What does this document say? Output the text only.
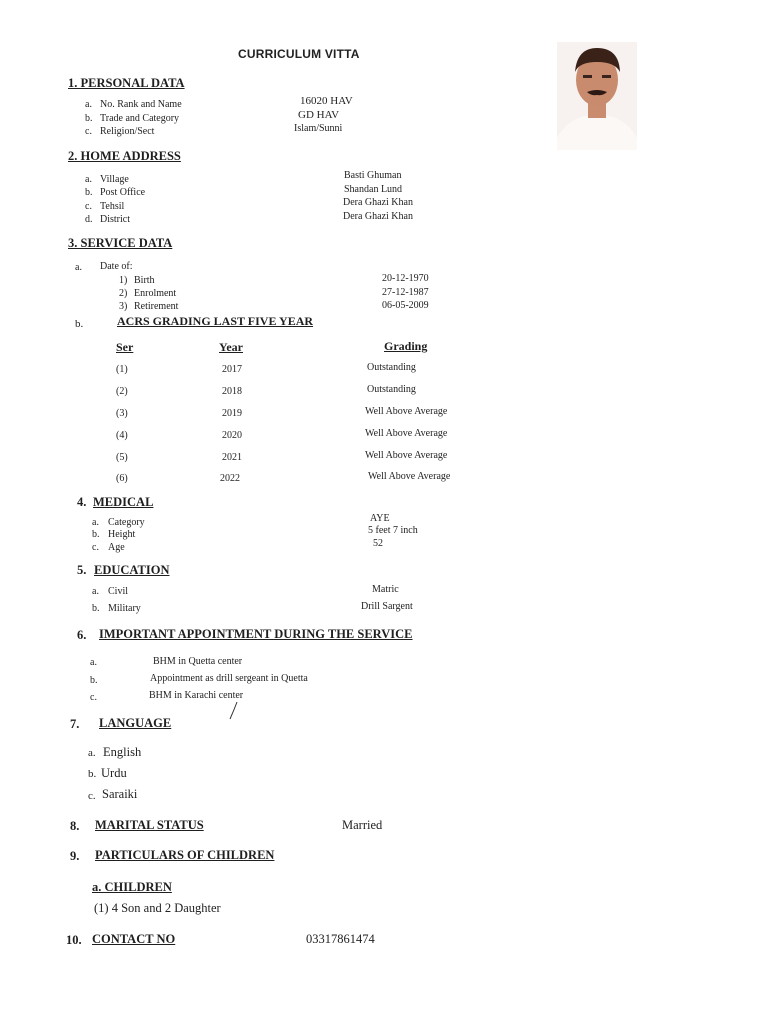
CURRICULUM VITTA
1. PERSONAL DATA
a. No. Rank and Name	16020 HAV
b. Trade and Category	GD HAV
c. Religion/Sect	Islam/Sunni
2. HOME ADDRESS
a. Village	Basti Ghuman
b. Post Office	Shandan Lund
c. Tehsil	Dera Ghazi Khan
d. District	Dera Ghazi Khan
3. SERVICE DATA
a. Date of:
1) Birth	20-12-1970
2) Enrolment	27-12-1987
3) Retirement	06-05-2009
b.	ACRS GRADING LAST FIVE YEAR
Ser	Year	Grading
(1)	2017	Outstanding
(2)	2018	Outstanding
(3)	2019	Well Above Average
(4)	2020	Well Above Average
(5)	2021	Well Above Average
(6)	2022	Well Above Average
4. MEDICAL
a. Category	AYE
b. Height	5 feet 7 inch
c. Age	52
5. EDUCATION
a. Civil	Matric
b. Military	Drill Sargent
6. IMPORTANT APPOINTMENT DURING THE SERVICE
a.	BHM in Quetta center
b.	Appointment as drill sergeant in Quetta
c.	BHM in Karachi center
7. LANGUAGE
a. English
b. Urdu
c. Saraiki
8. MARITAL STATUS	Married
9. PARTICULARS OF CHILDREN
a. CHILDREN
(1) 4 Son and 2 Daughter
10. CONTACT NO	03317861474
